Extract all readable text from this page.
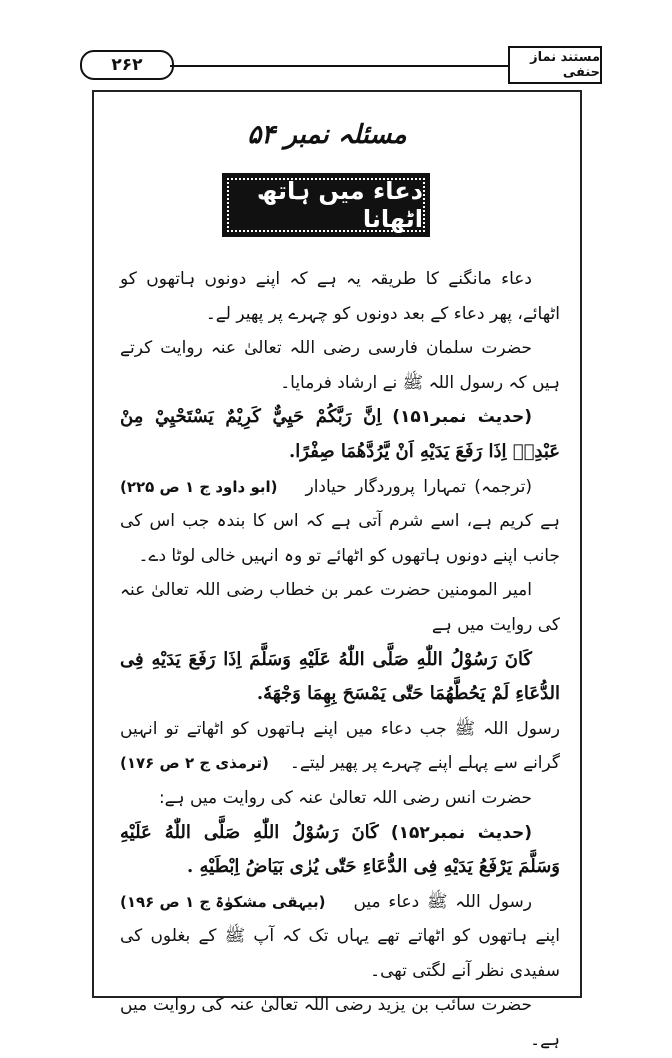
۲۶۲	مستند نماز حنفی
مسئلہ نمبر ۵۴
دعاء میں ہاتھ اٹھانا

دعاء مانگنے کا طریقہ یہ ہے کہ اپنے دونوں ہاتھوں کو اٹھائے، پھر دعاء کے بعد دونوں کو چہرے پر پھیر لے۔

حضرت سلمان فارسی رضی اللہ تعالیٰ عنہ روایت کرتے ہیں کہ رسول اللہ ﷺ نے ارشاد فرمایا۔

(حدیث نمبر۱۵۱) اِنَّ رَبَّکُمْ حَيِيٌّ کَرِيْمٌ يَسْتَحْيِيْ مِنْ عَبْدِهٖ اِذَا رَفَعَ يَدَيْهِ اَنْ يَّرُدَّهُمَا صِفْرًا.
(ابو داود ج ۱ ص ۲۲۵)	(ترجمہ) تمہارا پروردگار حیادار ہے کریم ہے، اسے شرم آتی ہے کہ اس کا بندہ جب اس کی جانب اپنے دونوں ہاتھوں کو اٹھائے تو وہ انہیں خالی لوٹا دے۔

امیر المومنین حضرت عمر بن خطاب رضی اللہ تعالیٰ عنہ کی روایت میں ہے

کَانَ رَسُوْلُ اللّٰهِ صَلَّى اللّٰهُ عَلَيْهِ وَسَلَّمَ اِذَا رَفَعَ يَدَيْهِ فِی الدُّعَاءِ لَمْ يَحُطَّهُمَا حَتّٰى يَمْسَحَ بِهِمَا وَجْهَهٗ.

رسول اللہ ﷺ جب دعاء میں اپنے ہاتھوں کو اٹھاتے تو انہیں گرانے سے پہلے اپنے چہرے پر پھیر لیتے۔
(ترمذی ج ۲ ص ۱۷۶)

حضرت انس رضی اللہ تعالیٰ عنہ کی روایت میں ہے:

(حدیث نمبر۱۵۲) کَانَ رَسُوْلُ اللّٰهِ صَلَّى اللّٰهُ عَلَيْهِ وَسَلَّمَ يَرْفَعُ يَدَيْهِ فِی الدُّعَاءِ حَتّٰى يُرٰى بَيَاضُ اِبْطَيْهِ .
(بیہقی مشکوٰۃ ج ۱ ص ۱۹۶)	رسول اللہ ﷺ دعاء میں اپنے ہاتھوں کو اٹھاتے تھے یہاں تک کہ آپ ﷺ کے بغلوں کی سفیدی نظر آنے لگتی تھی۔

حضرت سائب بن یزید رضی اللہ تعالیٰ عنہ کی روایت میں ہے۔
